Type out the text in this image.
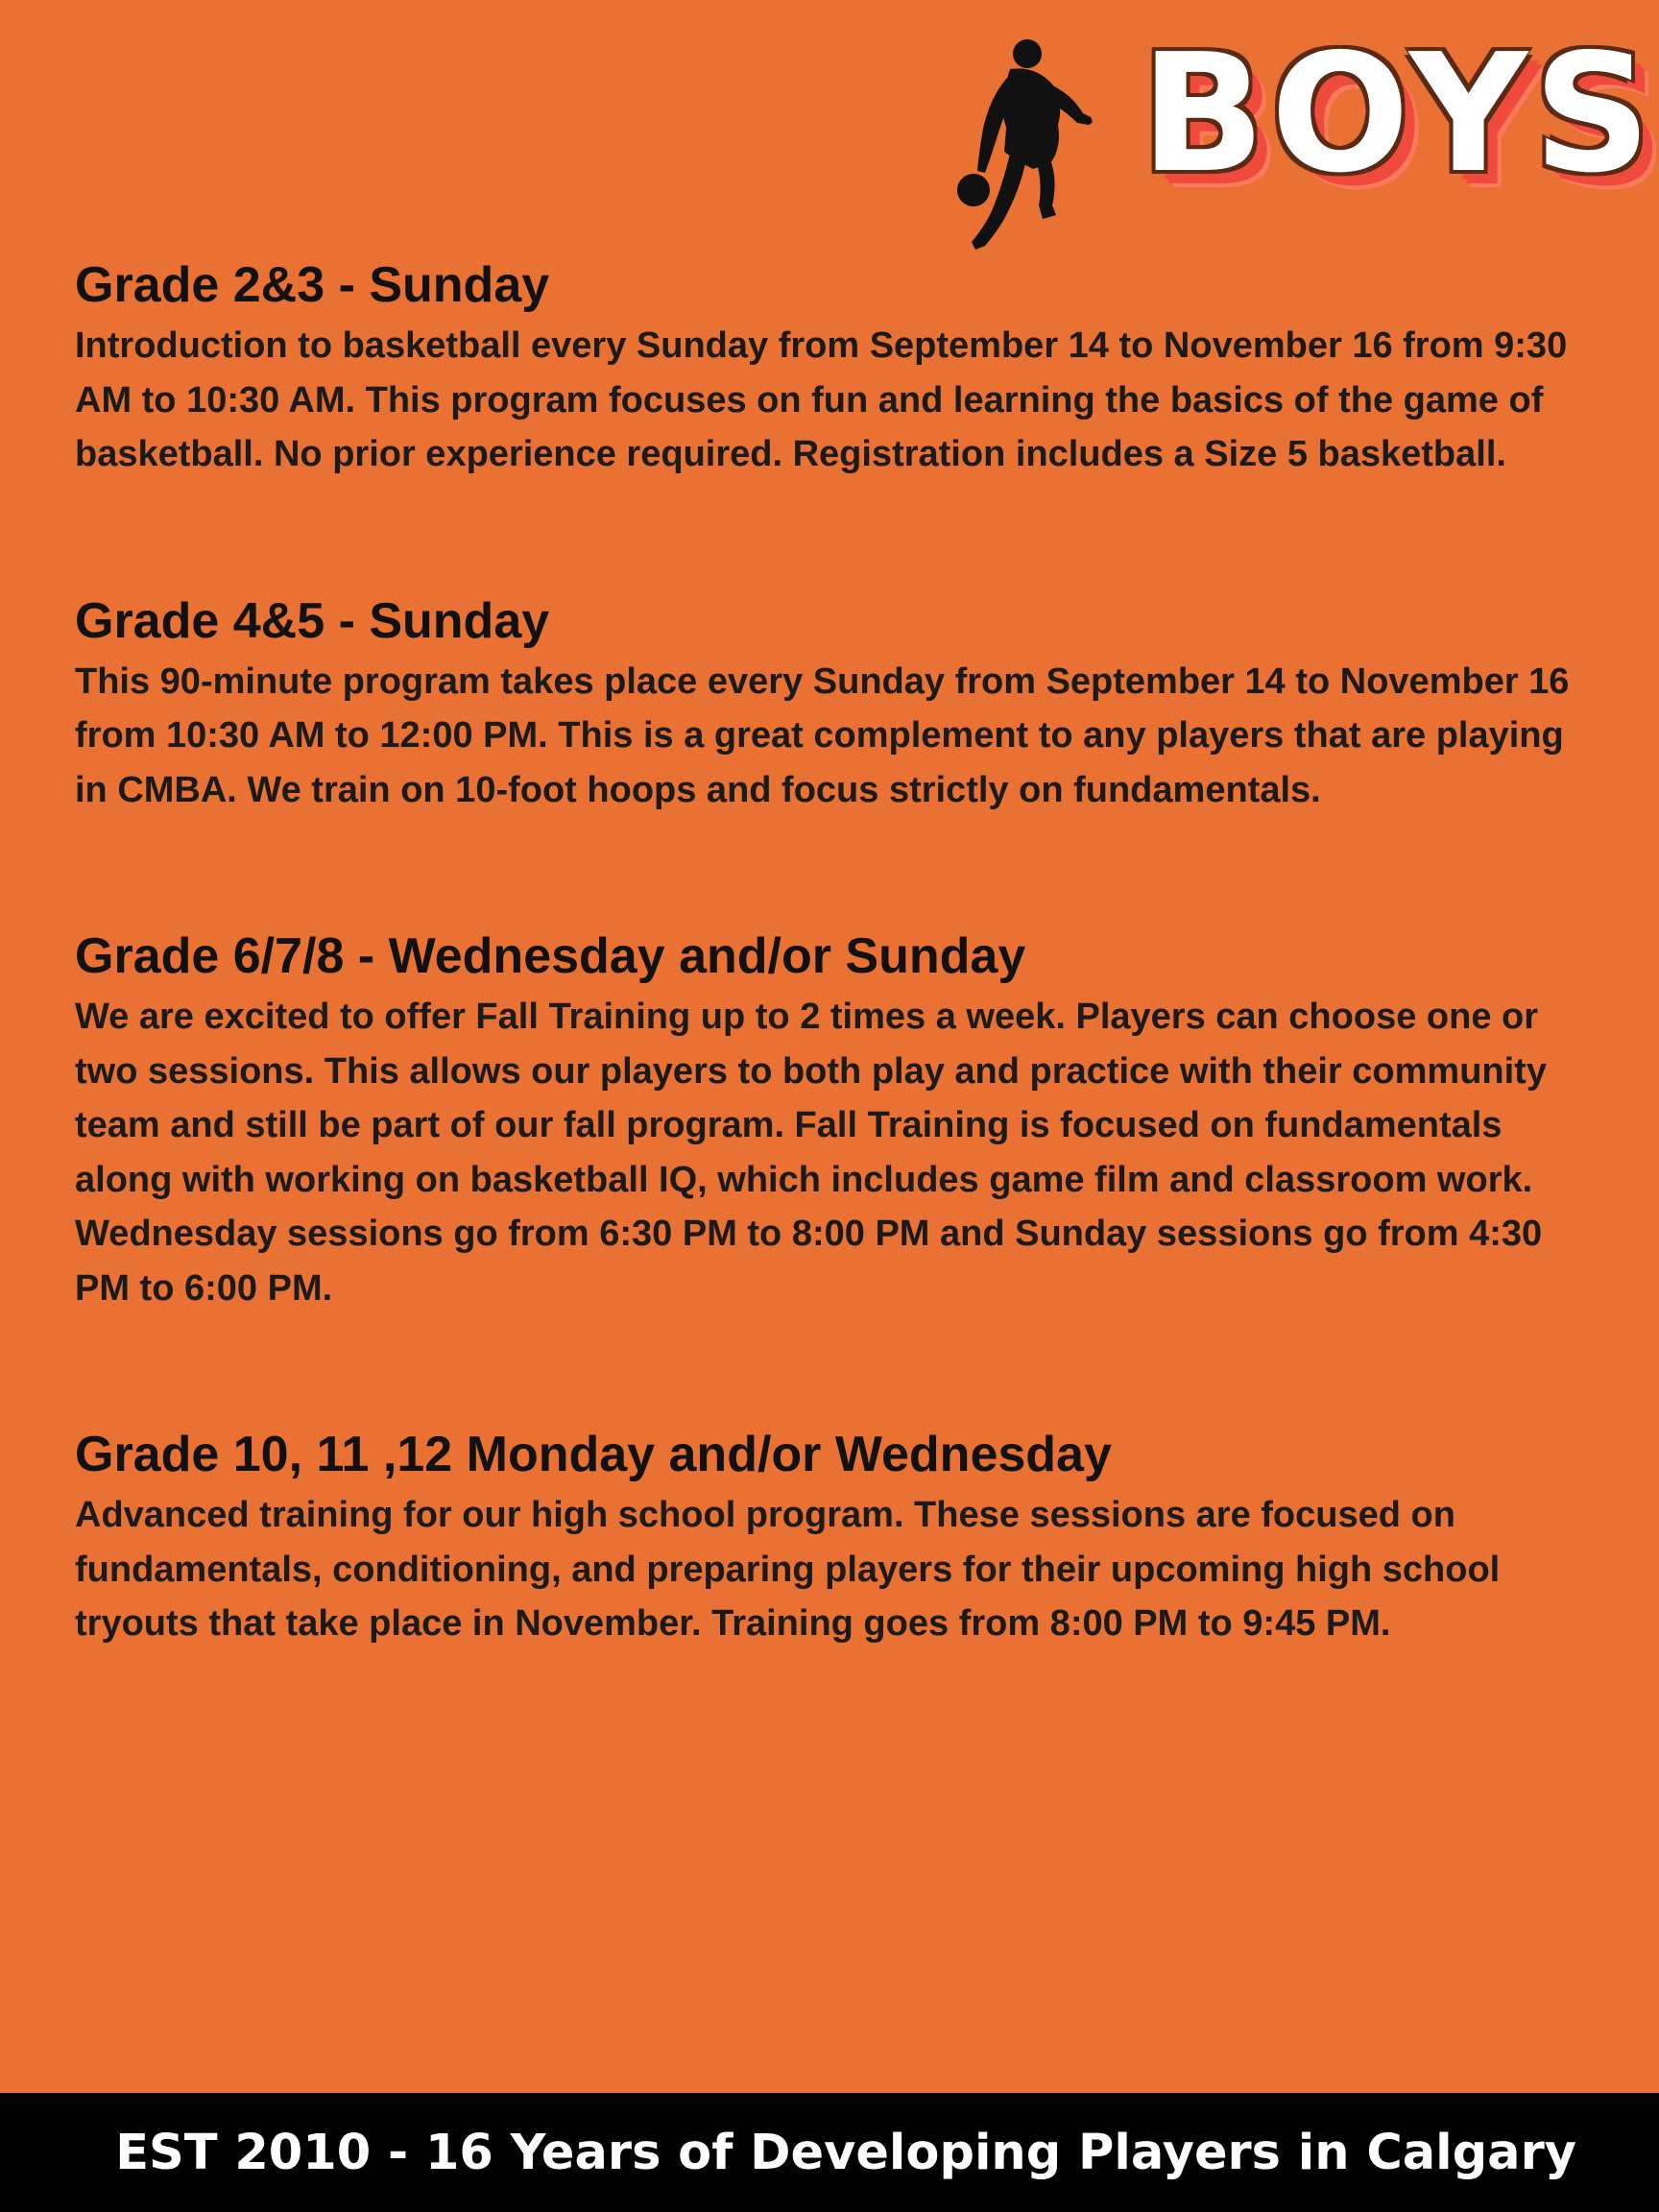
BOYS
Grade 2&3 - Sunday

Introduction to basketball every Sunday from September 14 to November 16 from 9:30 AM to 10:30 AM. This program focuses on fun and learning the basics of the game of basketball. No prior experience required. Registration includes a Size 5 basketball.

Grade 4&5 - Sunday

This 90-minute program takes place every Sunday from September 14 to November 16 from 10:30 AM to 12:00 PM. This is a great complement to any players that are playing in CMBA. We train on 10-foot hoops and focus strictly on fundamentals.

Grade 6/7/8 - Wednesday and/or Sunday

We are excited to offer Fall Training up to 2 times a week. Players can choose one or two sessions. This allows our players to both play and practice with their community team and still be part of our fall program. Fall Training is focused on fundamentals along with working on basketball IQ, which includes game film and classroom work. Wednesday sessions go from 6:30 PM to 8:00 PM and Sunday sessions go from 4:30 PM to 6:00 PM.

Grade 10, 11 ,12 Monday and/or Wednesday

Advanced training for our high school program. These sessions are focused on fundamentals, conditioning, and preparing players for their upcoming high school tryouts that take place in November. Training goes from 8:00 PM to 9:45 PM.

EST 2010 - 16 Years of Developing Players in Calgary
